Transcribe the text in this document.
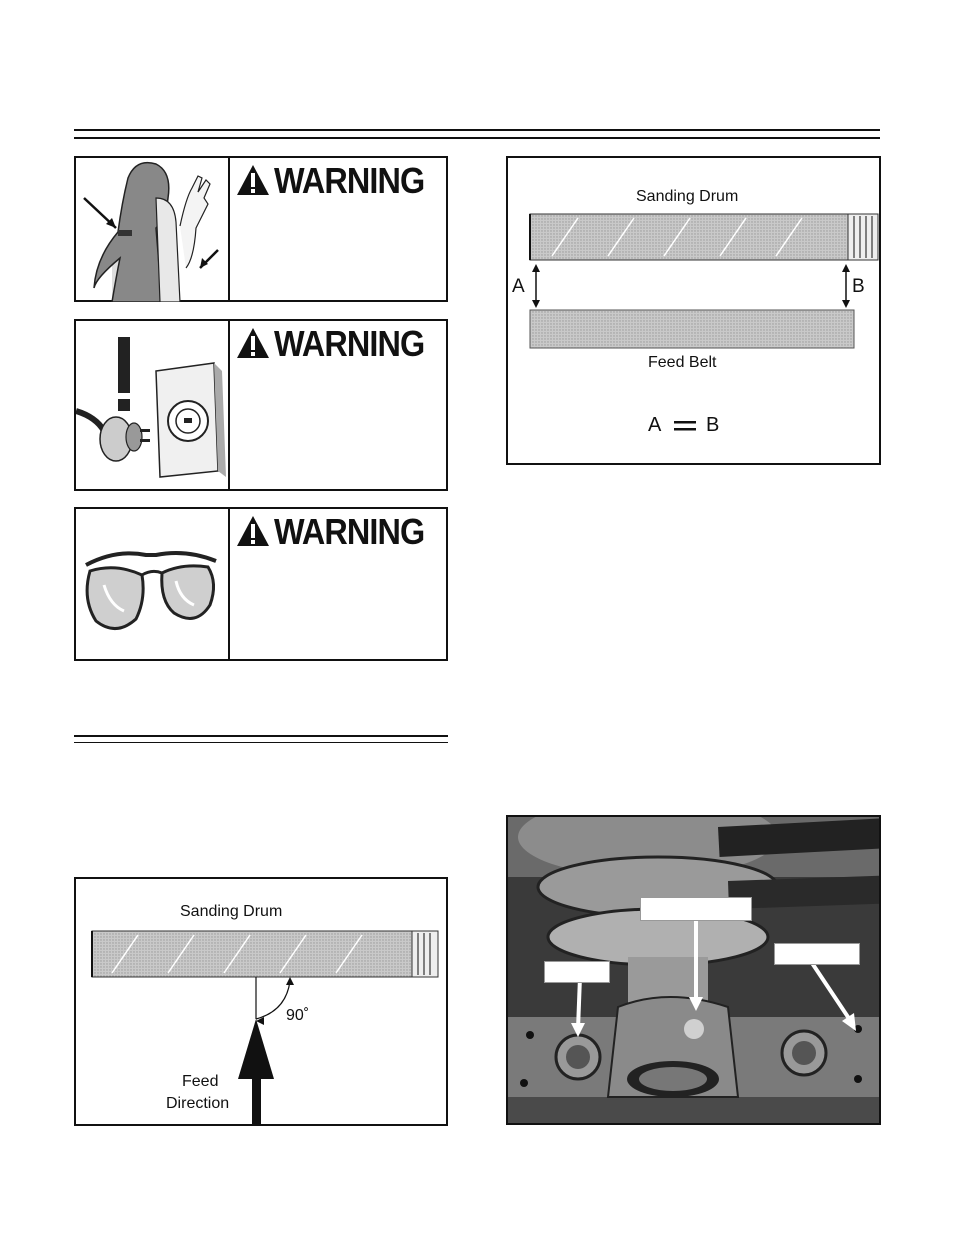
WARNING
WARNING
WARNING
Sanding Drum
A	B
Feed Belt
A B
Sanding Drum
90˚
Feed
Direction
